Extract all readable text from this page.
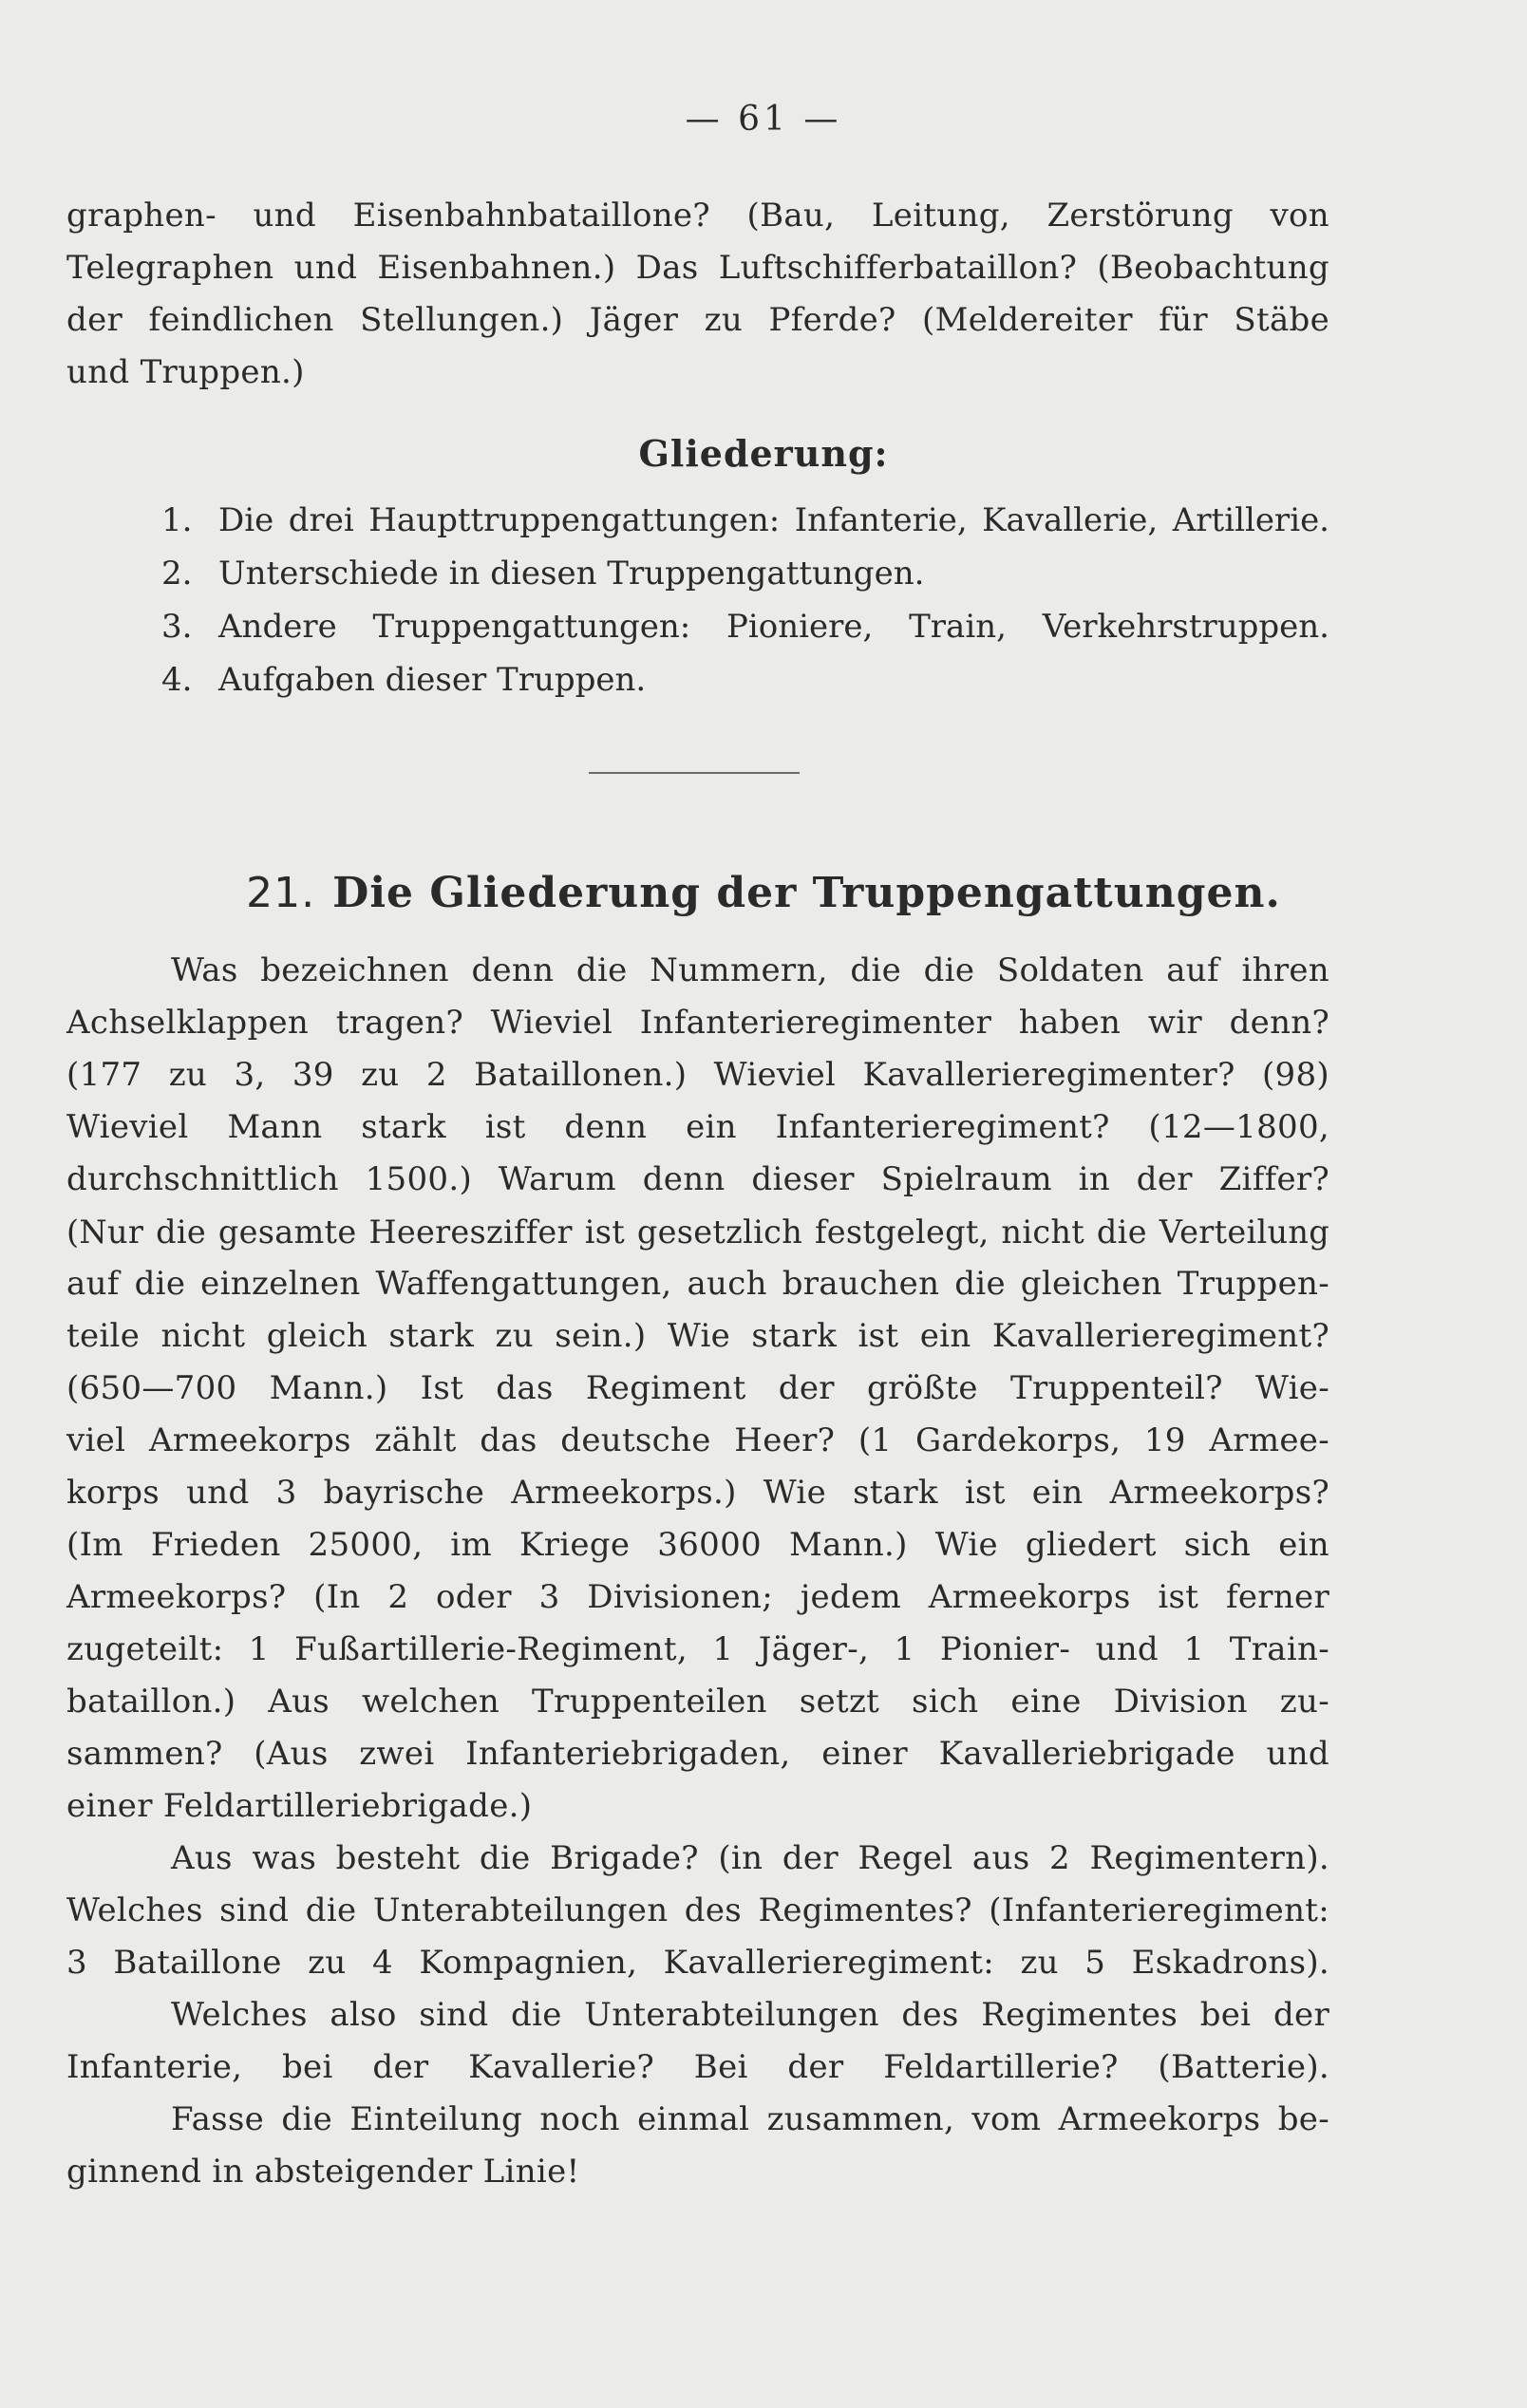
— 61 —

graphen- und Eisenbahnbataillone? (Bau, Leitung, Zerstörung von
Telegraphen und Eisenbahnen.) Das Luftschifferbataillon? (Beobachtung
der feindlichen Stellungen.) Jäger zu Pferde? (Meldereiter für Stäbe
und Truppen.)
Gliederung:
1. Die drei Haupttruppengattungen: Infanterie, Kavallerie, Artillerie.
2. Unterschiede in diesen Truppengattungen.
3. Andere Truppengattungen: Pioniere, Train, Verkehrstruppen.
4. Aufgaben dieser Truppen.
21. Die Gliederung der Truppengattungen.
Was bezeichnen denn die Nummern, die die Soldaten auf ihren
Achselklappen tragen? Wieviel Infanterieregimenter haben wir denn?
(177 zu 3, 39 zu 2 Bataillonen.) Wieviel Kavallerieregimenter? (98)
Wieviel Mann stark ist denn ein Infanterieregiment? (12—1800,
durchschnittlich 1500.) Warum denn dieser Spielraum in der Ziffer?
(Nur die gesamte Heeresziffer ist gesetzlich festgelegt, nicht die Verteilung
auf die einzelnen Waffengattungen, auch brauchen die gleichen Truppen-
teile nicht gleich stark zu sein.) Wie stark ist ein Kavallerieregiment?
(650—700 Mann.) Ist das Regiment der größte Truppenteil? Wie-
viel Armeekorps zählt das deutsche Heer? (1 Gardekorps, 19 Armee-
korps und 3 bayrische Armeekorps.) Wie stark ist ein Armeekorps?
(Im Frieden 25000, im Kriege 36000 Mann.) Wie gliedert sich ein
Armeekorps? (In 2 oder 3 Divisionen; jedem Armeekorps ist ferner
zugeteilt: 1 Fußartillerie-Regiment, 1 Jäger-, 1 Pionier- und 1 Train-
bataillon.) Aus welchen Truppenteilen setzt sich eine Division zu-
sammen? (Aus zwei Infanteriebrigaden, einer Kavalleriebrigade und
einer Feldartilleriebrigade.)
Aus was besteht die Brigade? (in der Regel aus 2 Regimentern).
Welches sind die Unterabteilungen des Regimentes? (Infanterieregiment:
3 Bataillone zu 4 Kompagnien, Kavallerieregiment: zu 5 Eskadrons).
Welches also sind die Unterabteilungen des Regimentes bei der
Infanterie, bei der Kavallerie? Bei der Feldartillerie? (Batterie).
Fasse die Einteilung noch einmal zusammen, vom Armeekorps be-
ginnend in absteigender Linie!
